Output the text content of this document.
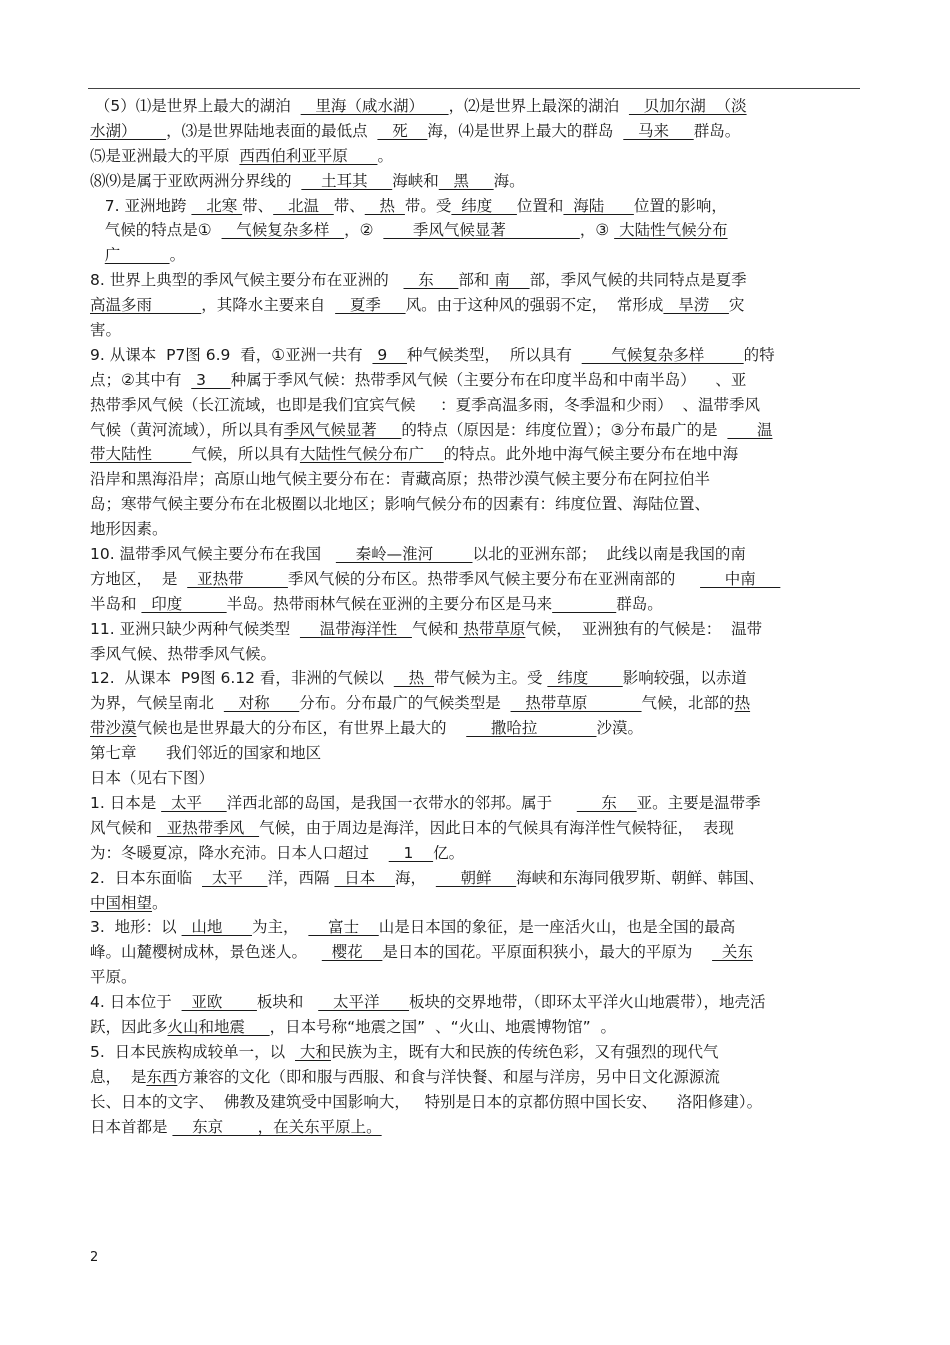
（5）⑴是世界上最大的湖泊     里海（咸水湖）     ，⑵是世界上最深的湖泊     贝加尔湖  （淡
水湖）      ，⑶是世界陆地表面的最低点     死    海，⑷是世界上最大的群岛     马来     群岛。
⑸是亚洲最大的平原  西西伯利亚平原      。
⑻⑼是属于亚欧两洲分界线的      土耳其     海峡和   黑     海。
7. 亚洲地跨    北寒 带、   北温   带、   热  带。受  纬度     位置和  海陆      位置的影响，
气候的特点是①     气候复杂多样   ，②        季风气候显著               ，③  大陆性气候分布
广          。
8. 世界上典型的季风气候主要分布在亚洲的      东     部和 南    部，季风气候的共同特点是夏季
高温多雨          ，其降水主要来自     夏季     风。由于这种风的强弱不定，  常形成   旱涝    灾
害。
9. 从课本  P7图 6.9  看，①亚洲一共有   9    种气候类型，  所以具有        气候复杂多样        的特
点；②其中有   3     种属于季风气候：热带季风气候（主要分布在印度半岛和中南半岛）    、亚
热带季风气候（长江流域，也即是我们宜宾气候     ：夏季高温多雨，冬季温和少雨）  、温带季风
气候（黄河流域），所以具有季风气候显著     的特点（原因是：纬度位置）；③分布最广的是        温
带大陆性        气候，所以具有大陆性气候分布广    的特点。此外地中海气候主要分布在地中海
沿岸和黑海沿岸；高原山地气候主要分布在：青藏高原；热带沙漠气候主要分布在阿拉伯半
岛；寒带气候主要分布在北极圈以北地区；影响气候分布的因素有：纬度位置、海陆位置、
地形因素。
10. 温带季风气候主要分布在我国       秦岭—淮河        以北的亚洲东部；  此线以南是我国的南
方地区，  是    亚热带         季风气候的分布区。热带季风气候主要分布在亚洲南部的          中南
半岛和   印度         半岛。热带雨林气候在亚洲的主要分布区是马来	群岛。
11. 亚洲只缺少两种气候类型      温带海洋性   气候和 热带草原气候，  亚洲独有的气候是：  温带
季风气候、热带季风气候。
12.  从课本  P9图 6.12 看，非洲的气候以     热  带气候为主。受   纬度       影响较强，以赤道
为界，气候呈南北     对称      分布。分布最广的气候类型是     热带草原           气候，北部的热
带沙漠气候也是世界最大的分布区，有世界上最大的         撒哈拉            沙漠。
第七章      我们邻近的国家和地区
日本（见右下图）
1. 日本是   太平     洋西北部的岛国，是我国一衣带水的邻邦。属于          东    亚。主要是温带季
风气候和   亚热带季风   气候，由于周边是海洋，因此日本的气候具有海洋性气候特征，  表现
为：冬暖夏凉，降水充沛。日本人口超过       1    亿。
2.  日本东面临    太平     洋，西隔   日本    海，       朝鲜     海峡和东海同俄罗斯、朝鲜、韩国、
中国相望。
3.  地形：以   山地      为主，      富士    山是日本国的象征，是一座活火山，也是全国的最高
峰。山麓樱树成林，景色迷人。     樱花    是日本的国花。平原面积狭小，最大的平原为      关东
平原。
4. 日本位于    亚欧       板块和      太平洋      板块的交界地带，（即环太平洋火山地震带），地壳活
跃，因此多火山和地震     ，日本号称“地震之国”  、“火山、地震博物馆”  。
5.  日本民族构成较单一，以   大和民族为主，既有大和民族的传统色彩，又有强烈的现代气
息，  是东西方兼容的文化（即和服与西服、和食与洋快餐、和屋与洋房，另中日文化源源流
长、日本的文字、  佛教及建筑受中国影响大，   特别是日本的京都仿照中国长安、    洛阳修建）。
日本首都是     东京       ，在关东平原上。
2
